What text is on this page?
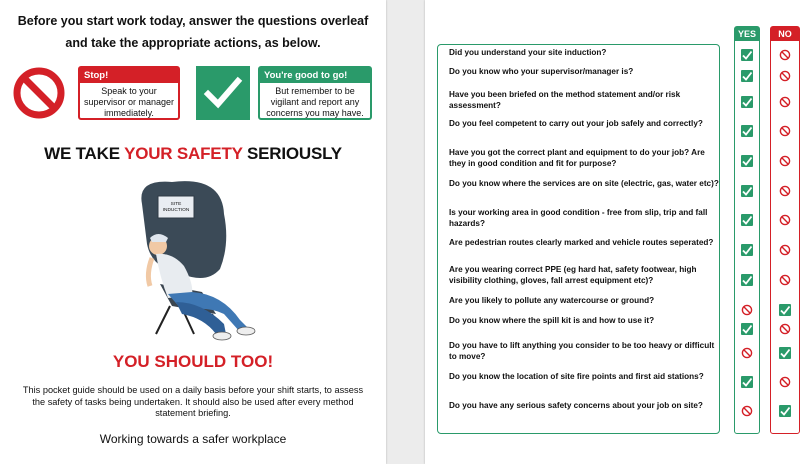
Before you start work today, answer the questions overleaf and take the appropriate actions, as below.
Stop!
Speak to your supervisor or manager immediately.
You're good to go!
But remember to be vigilant and report any concerns you may have.
WE TAKE YOUR SAFETY SERIOUSLY
SITE
INDUCTION
YOU SHOULD TOO!
This pocket guide should be used on a daily basis before your shift starts, to assess the safety of tasks being undertaken. It should also be used after every method statement briefing.
Working towards a safer workplace
YES	NO
Did you understand your site induction?
Do you know who your supervisor/manager is?
Have you been briefed on the method statement and/or risk assessment?
Do you feel competent to carry out your job safely and correctly?
Have you got the correct plant and equipment to do your job? Are they in good condition and fit for purpose?
Do you know where the services are on site (electric, gas, water etc)?
Is your working area in good condition - free from slip, trip and fall hazards?
Are pedestrian routes clearly marked and vehicle routes seperated?
Are you wearing correct PPE (eg hard hat, safety footwear, high visibility clothing, gloves, fall arrest equipment etc)?
Are you likely to pollute any watercourse or ground?
Do you know where the spill kit is and how to use it?
Do you have to lift anything you consider to be too heavy or difficult to move?
Do you know the location of site fire points and first aid stations?
Do you have any serious safety concerns about your job on site?
